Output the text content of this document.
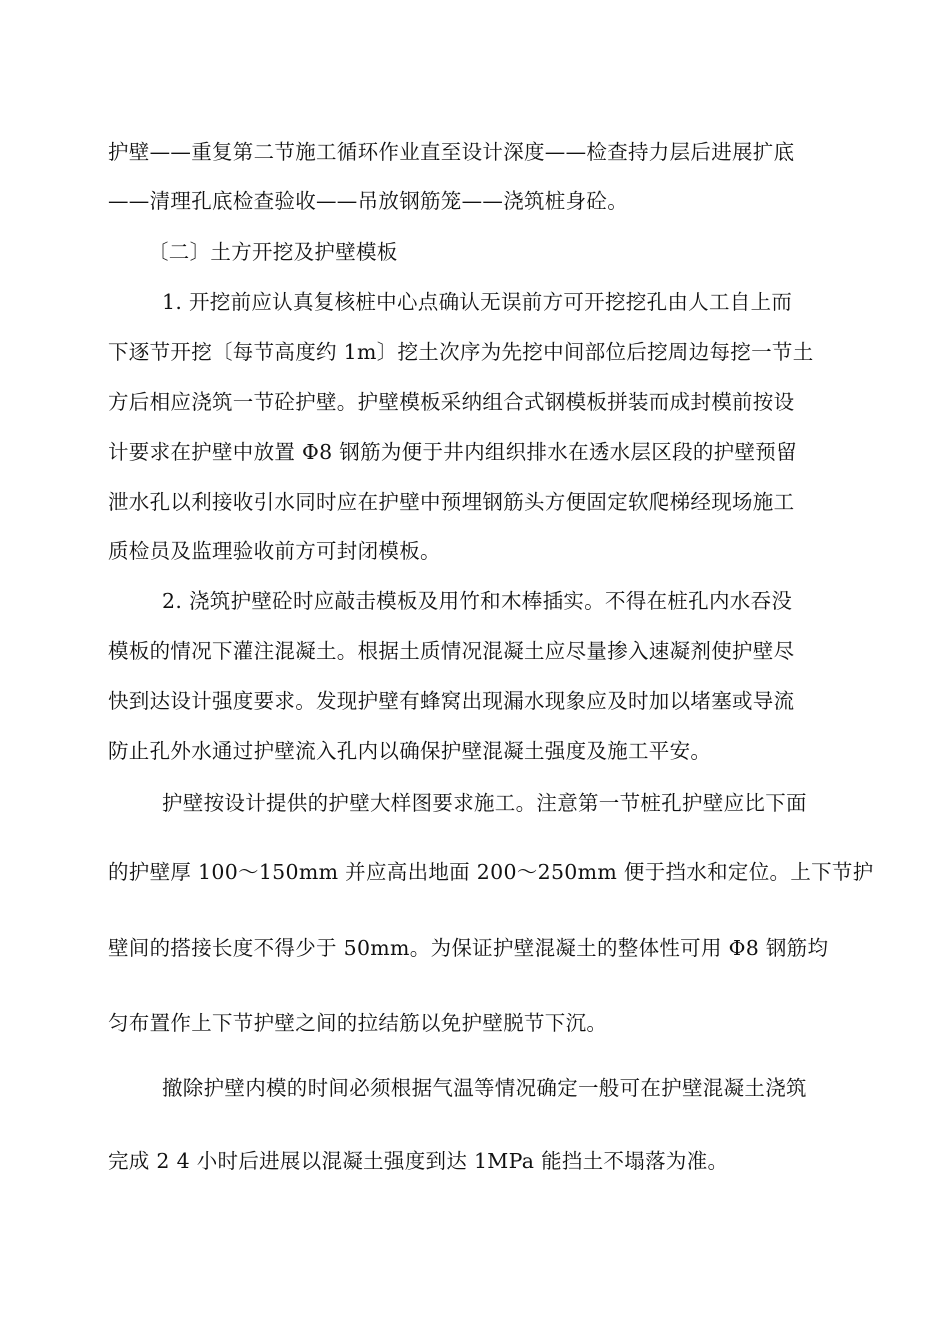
护壁——重复第二节施工循环作业直至设计深度——检查持力层后进展扩底
——清理孔底检查验收——吊放钢筋笼——浇筑桩身砼。
〔二〕土方开挖及护壁模板
1. 开挖前应认真复核桩中心点确认无误前方可开挖挖孔由人工自上而
下逐节开挖〔每节高度约 1m〕挖土次序为先挖中间部位后挖周边每挖一节土
方后相应浇筑一节砼护壁。护壁模板采纳组合式钢模板拼装而成封模前按设
计要求在护壁中放置 Φ8 钢筋为便于井内组织排水在透水层区段的护壁预留
泄水孔以利接收引水同时应在护壁中预埋钢筋头方便固定软爬梯经现场施工
质检员及监理验收前方可封闭模板。
2. 浇筑护壁砼时应敲击模板及用竹和木棒插实。不得在桩孔内水吞没
模板的情况下灌注混凝土。根据土质情况混凝土应尽量掺入速凝剂使护壁尽
快到达设计强度要求。发现护壁有蜂窝出现漏水现象应及时加以堵塞或导流
防止孔外水通过护壁流入孔内以确保护壁混凝土强度及施工平安。
护壁按设计提供的护壁大样图要求施工。注意第一节桩孔护壁应比下面
的护壁厚 100～150mm 并应高出地面 200～250mm 便于挡水和定位。上下节护
壁间的搭接长度不得少于 50mm。为保证护壁混凝土的整体性可用 Φ8 钢筋均
匀布置作上下节护壁之间的拉结筋以免护壁脱节下沉。
撤除护壁内模的时间必须根据气温等情况确定一般可在护壁混凝土浇筑
完成 2 4 小时后进展以混凝土强度到达 1MPa 能挡土不塌落为准。
